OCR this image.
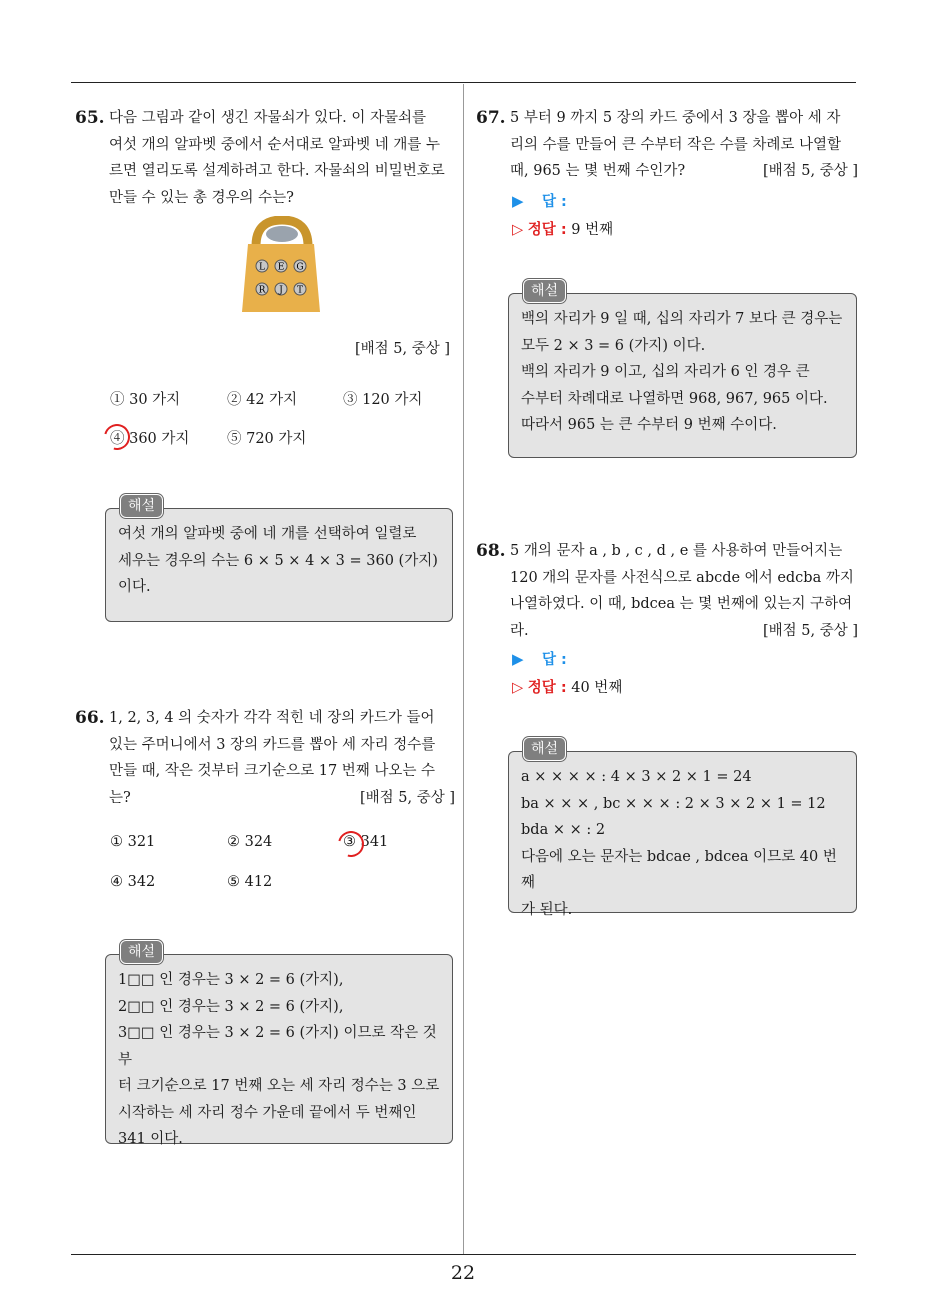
65. 다음 그림과 같이 생긴 자물쇠가 있다. 이 자물쇠를
여섯 개의 알파벳 중에서 순서대로 알파벳 네 개를 누
르면 열리도록 설계하려고 한다. 자물쇠의 비밀번호로
만들 수 있는 총 경우의 수는?
L E G
R J T
[배점 5, 중상 ]
① 30 가지	② 42 가지	③ 120 가지
④ 360 가지	⑤ 720 가지
해설
여섯 개의 알파벳 중에 네 개를 선택하여 일렬로
세우는 경우의 수는 6 × 5 × 4 × 3 = 360 (가지)
이다.
66. 1, 2, 3, 4 의 숫자가 각각 적힌 네 장의 카드가 들어
있는 주머니에서 3 장의 카드를 뽑아 세 자리 정수를
만들 때, 작은 것부터 크기순으로 17 번째 나오는 수
는?	[배점 5, 중상 ]
① 321	② 324	③ 341
④ 342	⑤ 412
해설
1□□ 인 경우는 3 × 2 = 6 (가지),
2□□ 인 경우는 3 × 2 = 6 (가지),
3□□ 인 경우는 3 × 2 = 6 (가지) 이므로 작은 것부
터 크기순으로 17 번째 오는 세 자리 정수는 3 으로
시작하는 세 자리 정수 가운데 끝에서 두 번째인
341 이다.
67. 5 부터 9 까지 5 장의 카드 중에서 3 장을 뽑아 세 자
리의 수를 만들어 큰 수부터 작은 수를 차례로 나열할
때, 965 는 몇 번째 수인가?	[배점 5, 중상 ]
▶ 답 :
▷ 정답 : 9 번째
해설
백의 자리가 9 일 때, 십의 자리가 7 보다 큰 경우는
모두 2 × 3 = 6 (가지) 이다.
백의 자리가 9 이고, 십의 자리가 6 인 경우 큰
수부터 차례대로 나열하면 968, 967, 965 이다.
따라서 965 는 큰 수부터 9 번째 수이다.
68. 5 개의 문자 a , b , c , d , e 를 사용하여 만들어지는
120 개의 문자를 사전식으로 abcde 에서 edcba 까지
나열하였다. 이 때, bdcea 는 몇 번째에 있는지 구하여
라.	[배점 5, 중상 ]
▶ 답 :
▷ 정답 : 40 번째
해설
a × × × × : 4 × 3 × 2 × 1 = 24
ba × × × , bc × × × : 2 × 3 × 2 × 1 = 12
bda × × : 2
다음에 오는 문자는 bdcae , bdcea 이므로 40 번째
가 된다.
22
